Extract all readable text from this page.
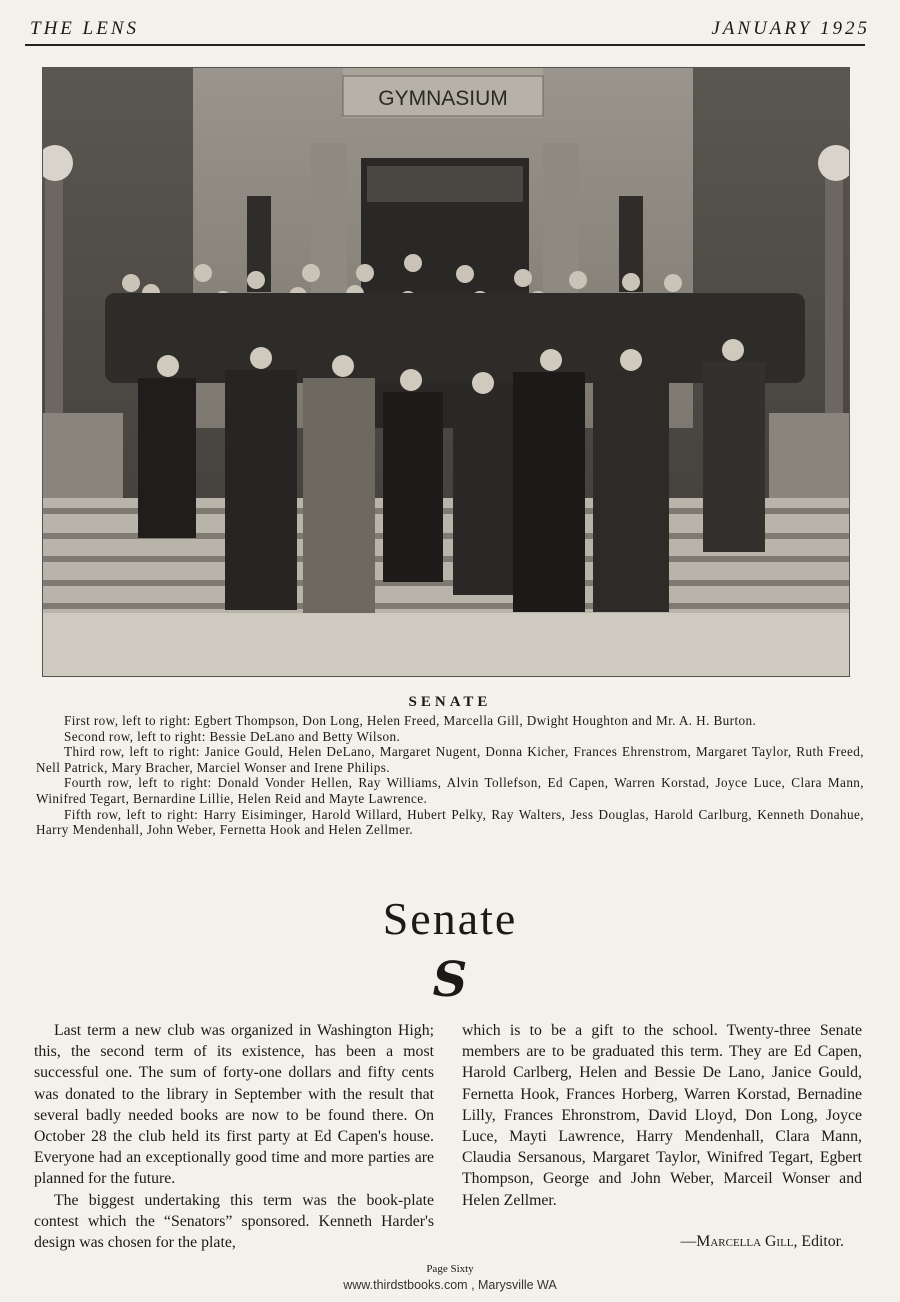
THE LENS	JANUARY 1925
GYMNASIUM
SENATE

First row, left to right: Egbert Thompson, Don Long, Helen Freed, Marcella Gill, Dwight Houghton and Mr. A. H. Burton.

Second row, left to right: Bessie DeLano and Betty Wilson.

Third row, left to right: Janice Gould, Helen DeLano, Margaret Nugent, Donna Kicher, Frances Ehrenstrom, Margaret Taylor, Ruth Freed, Nell Patrick, Mary Bracher, Marciel Wonser and Irene Philips.

Fourth row, left to right: Donald Vonder Hellen, Ray Williams, Alvin Tollefson, Ed Capen, Warren Korstad, Joyce Luce, Clara Mann, Winifred Tegart, Bernardine Lillie, Helen Reid and Mayte Lawrence.

Fifth row, left to right: Harry Eisiminger, Harold Willard, Hubert Pelky, Ray Walters, Jess Douglas, Harold Carlburg, Kenneth Donahue, Harry Mendenhall, John Weber, Fernetta Hook and Helen Zellmer.

Senate
S

Last term a new club was organized in Washington High; this, the second term of its existence, has been a most successful one. The sum of forty-one dollars and fifty cents was donated to the library in September with the result that several badly needed books are now to be found there. On October 28 the club held its first party at Ed Capen's house. Everyone had an exceptionally good time and more parties are planned for the future.

The biggest undertaking this term was the book-plate contest which the “Senators” sponsored. Kenneth Harder's design was chosen for the plate,

which is to be a gift to the school. Twenty-three Senate members are to be graduated this term. They are Ed Capen, Harold Carlberg, Helen and Bessie De Lano, Janice Gould, Fernetta Hook, Frances Horberg, Warren Korstad, Bernadine Lilly, Frances Ehronstrom, David Lloyd, Don Long, Joyce Luce, Mayti Lawrence, Harry Mendenhall, Clara Mann, Claudia Sersanous, Margaret Taylor, Winifred Tegart, Egbert Thompson, George and John Weber, Marceil Wonser and Helen Zellmer.

—Marcella Gill, Editor.
Page Sixty
www.thirdstbooks.com , Marysville WA
